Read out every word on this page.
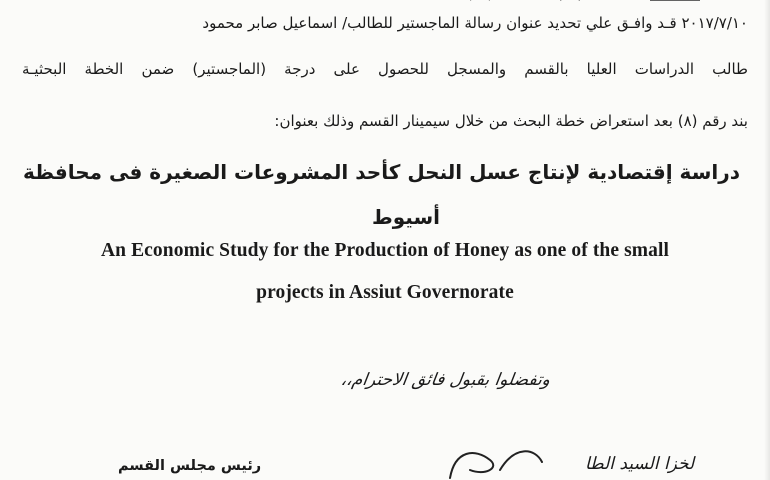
٢٠١٧/٧/١٠ قـد وافـق علي تحديد عنوان رسالة الماجستير للطالب/ اسماعيل صابر محمود
طالب الدراسات العليا بالقسم والمسجل للحصول على درجة (الماجستير) ضمن الخطة البحثيـة
بند رقم (٨) بعد استعراض خطة البحث من خلال سيمينار القسم وذلك بعنوان:
دراسة إقتصادية لإنتاج عسل النحل كأحد المشروعات الصغيرة فى محافظة
أسيوط
An Economic Study for the Production of Honey as one of the small
projects in Assiut Governorate
وتفضلوا بقبول فائق الاحترام،،
رئيس مجلس القسم	لخزا السيد الطا
